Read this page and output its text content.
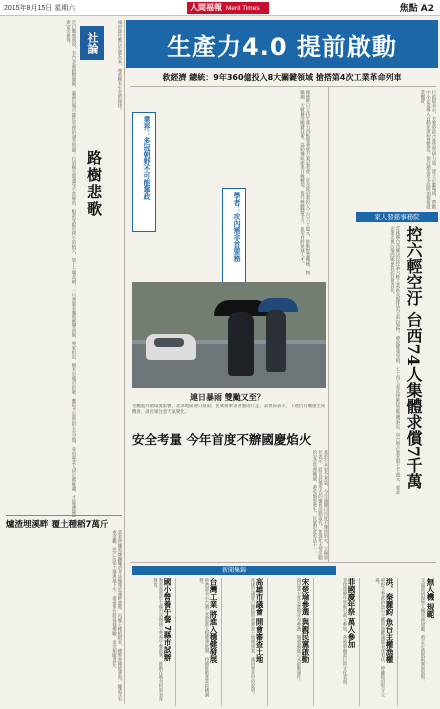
2015年8月15日 星期六	人間福報 Merit Times	焦點 A2
近日颱風過境，全台多處路樹傾倒，暴露出城市綠化管理的諸多問題。行道樹長期遭受不當修剪，根系受限於狹小的植穴，加上土壤貧瘠，一旦強風來襲便應聲而倒。專家指出，樹木是城市的肺，應給予足夠的生長空間，並由專業人員定期維護，才能讓綠蔭與安全兼得。	城市綠化應以生態為本，尊重樹木生長的規律。
社論
路樹悲歌
爐渣埋溪畔 覆土種稻7萬斤
業者涉嫌將煉鋼爐渣非法掩埋於溪畔農地，再覆土種植稻米，檢警查獲後發現，爐渣含有重金屬，恐已污染土壤與地下水，環保單位將採樣檢驗，追究相關責任。
生產力4.0 提前啟動
救經濟 總統：9年360億投入8大關鍵領域 搶搭第4次工業革命列車
總統昨日主持生產力四點零發展方案記者會，宣布政府將投入三百六十億元，推動智慧機械、物聯網、大數據等關鍵技術，協助傳統產業升級轉型，提升整體競爭力，並培育跨領域人才。
業界：多冠朝野不可能靠政
學者：攻內需非首要務
行政院表示，方案將結合產官學研力量，建立示範場域，帶動中小企業導入自動化與智慧製造，預計創造更多高附加價值就業機會。
家人發慈事務院
控六輕空汙 台西74人集體求償7千萬
雲林縣台西鄉居民控訴六輕工業區長期排放空氣污染物，導致健康受損，七十四人委託律師提起集體訴訟，向台塑企業求償七千萬元，要求企業正視污染問題並負起社會責任。
連日暴雨 雙颱又至？
受颱風外圍環流影響，北部地區連日豪雨，民眾撐傘頂著風雨行走。氣象局表示，下週仍有颱風生成機會，請民眾注意天氣變化。
安全考量 今年首度不辦國慶焰火
基於公共安全考量，今年國慶日首度不施放焰火，主辦單位表示，將以其他形式的慶祝活動取代，並強化大型活動的安全管理機制，避免憾事發生，民眾對此看法不一。
新聞集錦
教育部將於七縣市試辦國小營養午餐新制，推動在地食材與食育教育。 國小營養午餐 7縣市試辦	經濟部表示台灣工業將進入穩健發展期，持續推動產業結構調整。 台灣工業 將進入穩健發展	高雄市議會召開臨時會審查土地開發案，議員要求市府說明。 高雄市議會 開會審查土地	親民黨主席宋楚瑜宣布參選，競選團隊正式啟動運作。 宋楚瑜參選 與親民黨啟動	菲律賓慶年祭吸引萬人參加，各地舉辦遊行與文化表演。 菲國慶年祭 萬人參加	朝野立委就釣魚台主權與漁權議題表達看法，呼籲政府堅守立場。 洪、秦麗鈞 魚台主權漁權	交通部研擬無人機管理規範，將訂定飛航限制與罰則。 無人機 規範
